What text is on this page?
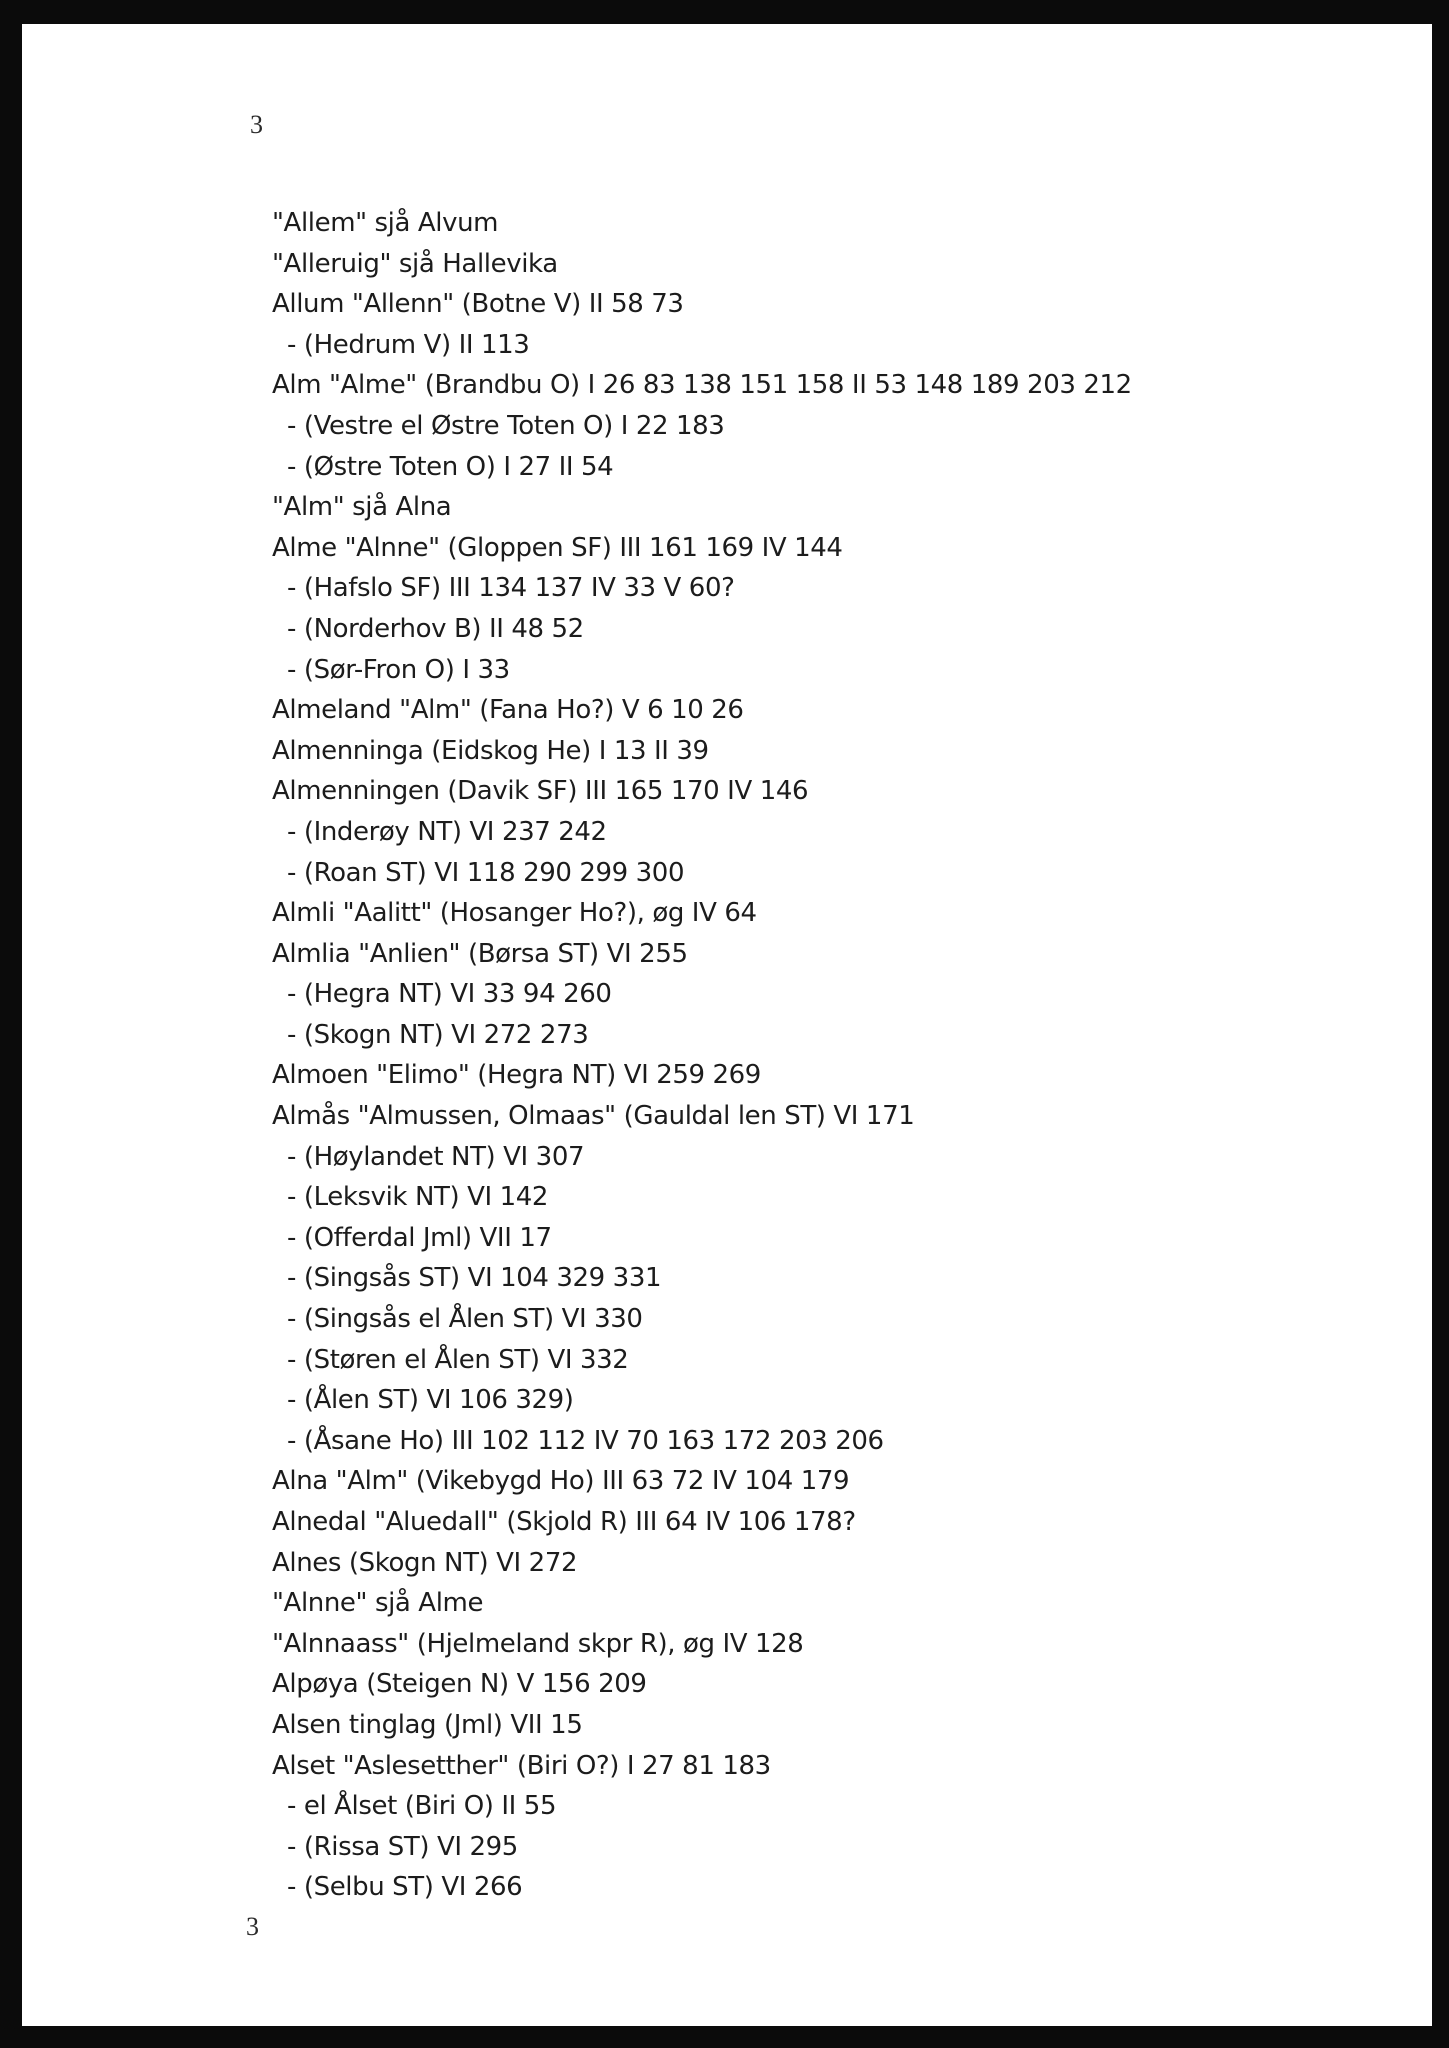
3
"Allem" sjå Alvum
"Alleruig" sjå Hallevika
Allum "Allenn" (Botne V) II 58 73
- (Hedrum V) II 113
Alm "Alme" (Brandbu O) I 26 83 138 151 158 II 53 148 189 203 212
- (Vestre el Østre Toten O) I 22 183
- (Østre Toten O) I 27 II 54
"Alm" sjå Alna
Alme "Alnne" (Gloppen SF) III 161 169 IV 144
- (Hafslo SF) III 134 137 IV 33 V 60?
- (Norderhov B) II 48 52
- (Sør-Fron O) I 33
Almeland "Alm" (Fana Ho?) V 6 10 26
Almenninga (Eidskog He) I 13 II 39
Almenningen (Davik SF) III 165 170 IV 146
- (Inderøy NT) VI 237 242
- (Roan ST) VI 118 290 299 300
Almli "Aalitt" (Hosanger Ho?), øg IV 64
Almlia "Anlien" (Børsa ST) VI 255
- (Hegra NT) VI 33 94 260
- (Skogn NT) VI 272 273
Almoen "Elimo" (Hegra NT) VI 259 269
Almås "Almussen, Olmaas" (Gauldal len ST) VI 171
- (Høylandet NT) VI 307
- (Leksvik NT) VI 142
- (Offerdal Jml) VII 17
- (Singsås ST) VI 104 329 331
- (Singsås el Ålen ST) VI 330
- (Støren el Ålen ST) VI 332
- (Ålen ST) VI 106 329)
- (Åsane Ho) III 102 112 IV 70 163 172 203 206
Alna "Alm" (Vikebygd Ho) III 63 72 IV 104 179
Alnedal "Aluedall" (Skjold R) III 64 IV 106 178?
Alnes (Skogn NT) VI 272
"Alnne" sjå Alme
"Alnnaass" (Hjelmeland skpr R), øg IV 128
Alpøya (Steigen N) V 156 209
Alsen tinglag (Jml) VII 15
Alset "Aslesetther" (Biri O?) I 27 81 183
- el Ålset (Biri O) II 55
- (Rissa ST) VI 295
- (Selbu ST) VI 266
3
